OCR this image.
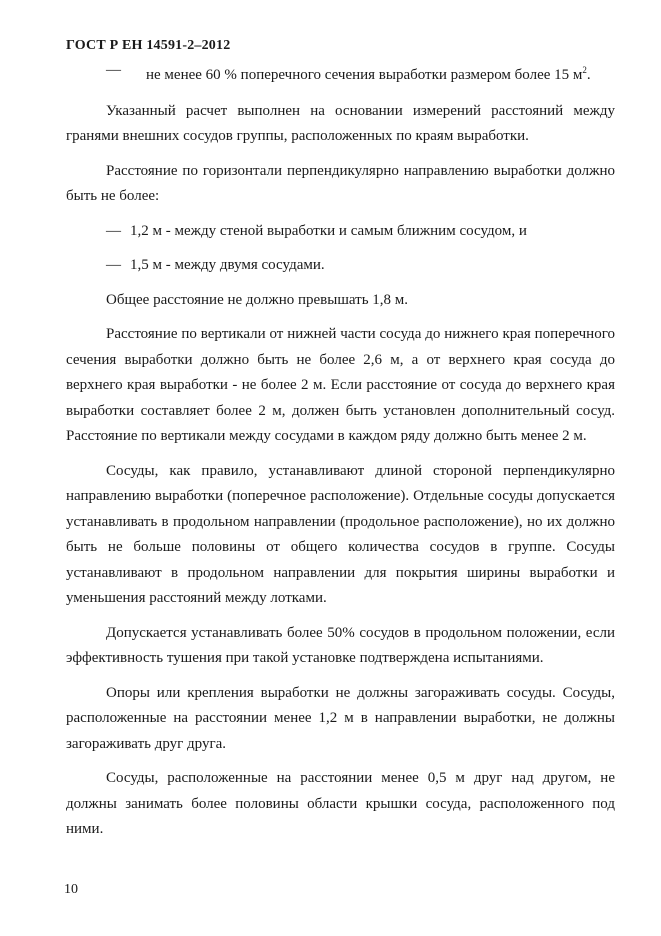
ГОСТ Р ЕН 14591-2–2012
— не менее 60 % поперечного сечения выработки размером более 15 $м^2$.

Указанный расчет выполнен на основании измерений расстояний между гранями внешних сосудов группы, расположенных по краям выработки.

Расстояние по горизонтали перпендикулярно направлению выработки должно быть не более:

— 1,2 м - между стеной выработки и самым ближним сосудом, и
— 1,5 м - между двумя сосудами.

Общее расстояние не должно превышать 1,8 м.

Расстояние по вертикали от нижней части сосуда до нижнего края поперечного сечения выработки должно быть не более 2,6 м, а от верхнего края сосуда до верхнего края выработки - не более 2 м. Если расстояние от сосуда до верхнего края выработки составляет более 2 м, должен быть установлен дополнительный сосуд. Расстояние по вертикали между сосудами в каждом ряду должно быть менее 2 м.

Сосуды, как правило, устанавливают длиной стороной перпендикулярно направлению выработки (поперечное расположение). Отдельные сосуды допускается устанавливать в продольном направлении (продольное расположение), но их должно быть не больше половины от общего количества сосудов в группе. Сосуды устанавливают в продольном направлении для покрытия ширины выработки и уменьшения расстояний между лотками.

Допускается устанавливать более 50% сосудов в продольном положении, если эффективность тушения при такой установке подтверждена испытаниями.

Опоры или крепления выработки не должны загораживать сосуды. Сосуды, расположенные на расстоянии менее 1,2 м в направлении выработки, не должны загораживать друг друга.

Сосуды, расположенные на расстоянии менее 0,5 м друг над другом, не должны занимать более половины области крышки сосуда, расположенного под ними.

10
